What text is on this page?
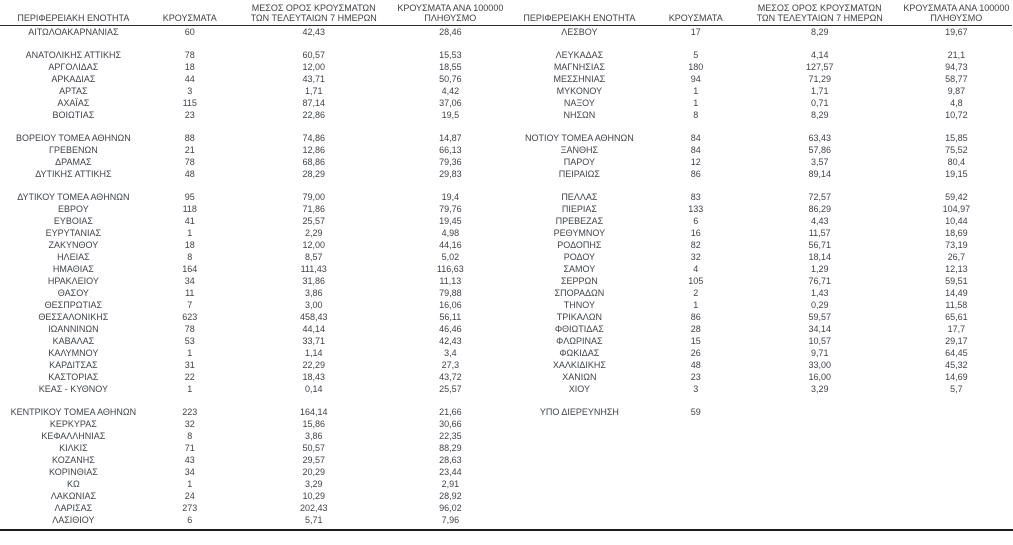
ΠΕΡΙΦΕΡΕΙΑΚΗ ΕΝΟΤΗΤΑ	ΚΡΟΥΣΜΑΤΑ	ΜΕΣΟΣ ΟΡΟΣ ΚΡΟΥΣΜΑΤΩΝ
ΤΩΝ ΤΕΛΕΥΤΑΙΩΝ 7 ΗΜΕΡΩΝ	ΚΡΟΥΣΜΑΤΑ ΑΝΑ 100000
ΠΛΗΘΥΣΜΟ

ΑΙΤΩΛΟΑΚΑΡΝΑΝΙΑΣ	60	42,43	28,46

ΑΝΑΤΟΛΙΚΗΣ ΑΤΤΙΚΗΣ	78	60,57	15,53
ΑΡΓΟΛΙΔΑΣ	18	12,00	18,55
ΑΡΚΑΔΙΑΣ	44	43,71	50,76
ΑΡΤΑΣ	3	1,71	4,42
ΑΧΑΪΑΣ	115	87,14	37,06
ΒΟΙΩΤΙΑΣ	23	22,86	19,5

ΒΟΡΕΙΟΥ ΤΟΜΕΑ ΑΘΗΝΩΝ	88	74,86	14,87
ΓΡΕΒΕΝΩΝ	21	12,86	66,13
ΔΡΑΜΑΣ	78	68,86	79,36
ΔΥΤΙΚΗΣ ΑΤΤΙΚΗΣ	48	28,29	29,83

ΔΥΤΙΚΟΥ ΤΟΜΕΑ ΑΘΗΝΩΝ	95	79,00	19,4
ΕΒΡΟΥ	118	71,86	79,76
ΕΥΒΟΙΑΣ	41	25,57	19,45
ΕΥΡΥΤΑΝΙΑΣ	1	2,29	4,98
ΖΑΚΥΝΘΟΥ	18	12,00	44,16
ΗΛΕΙΑΣ	8	8,57	5,02
ΗΜΑΘΙΑΣ	164	111,43	116,63
ΗΡΑΚΛΕΙΟΥ	34	31,86	11,13
ΘΑΣΟΥ	11	3,86	79,88
ΘΕΣΠΡΩΤΙΑΣ	7	3,00	16,06
ΘΕΣΣΑΛΟΝΙΚΗΣ	623	458,43	56,11
ΙΩΑΝΝΙΝΩΝ	78	44,14	46,46
ΚΑΒΑΛΑΣ	53	33,71	42,43
ΚΑΛΥΜΝΟΥ	1	1,14	3,4
ΚΑΡΔΙΤΣΑΣ	31	22,29	27,3
ΚΑΣΤΟΡΙΑΣ	22	18,43	43,72
ΚΕΑΣ - ΚΥΘΝΟΥ	1	0,14	25,57

ΚΕΝΤΡΙΚΟΥ ΤΟΜΕΑ ΑΘΗΝΩΝ	223	164,14	21,66
ΚΕΡΚΥΡΑΣ	32	15,86	30,66
ΚΕΦΑΛΛΗΝΙΑΣ	8	3,86	22,35
ΚΙΛΚΙΣ	71	50,57	88,29
ΚΟΖΑΝΗΣ	43	29,57	28,63
ΚΟΡΙΝΘΙΑΣ	34	20,29	23,44
ΚΩ	1	3,29	2,91
ΛΑΚΩΝΙΑΣ	24	10,29	28,92
ΛΑΡΙΣΑΣ	273	202,43	96,02
ΛΑΣΙΘΙΟΥ	6	5,71	7,96
ΠΕΡΙΦΕΡΕΙΑΚΗ ΕΝΟΤΗΤΑ	ΚΡΟΥΣΜΑΤΑ	ΜΕΣΟΣ ΟΡΟΣ ΚΡΟΥΣΜΑΤΩΝ
ΤΩΝ ΤΕΛΕΥΤΑΙΩΝ 7 ΗΜΕΡΩΝ	ΚΡΟΥΣΜΑΤΑ ΑΝΑ 100000
ΠΛΗΘΥΣΜΟ

ΛΕΣΒΟΥ	17	8,29	19,67

ΛΕΥΚΑΔΑΣ	5	4,14	21,1
ΜΑΓΝΗΣΙΑΣ	180	127,57	94,73
ΜΕΣΣΗΝΙΑΣ	94	71,29	58,77
ΜΥΚΟΝΟΥ	1	1,71	9,87
ΝΑΞΟΥ	1	0,71	4,8
ΝΗΣΩΝ	8	8,29	10,72

ΝΟΤΙΟΥ ΤΟΜΕΑ ΑΘΗΝΩΝ	84	63,43	15,85
ΞΑΝΘΗΣ	84	57,86	75,52
ΠΑΡΟΥ	12	3,57	80,4
ΠΕΙΡΑΙΩΣ	86	89,14	19,15

ΠΕΛΛΑΣ	83	72,57	59,42
ΠΙΕΡΙΑΣ	133	86,29	104,97
ΠΡΕΒΕΖΑΣ	6	4,43	10,44
ΡΕΘΥΜΝΟΥ	16	11,57	18,69
ΡΟΔΟΠΗΣ	82	56,71	73,19
ΡΟΔΟΥ	32	18,14	26,7
ΣΑΜΟΥ	4	1,29	12,13
ΣΕΡΡΩΝ	105	76,71	59,51
ΣΠΟΡΑΔΩΝ	2	1,43	14,49
ΤΗΝΟΥ	1	0,29	11,58
ΤΡΙΚΑΛΩΝ	86	59,57	65,61
ΦΘΙΩΤΙΔΑΣ	28	34,14	17,7
ΦΛΩΡΙΝΑΣ	15	10,57	29,17
ΦΩΚΙΔΑΣ	26	9,71	64,45
ΧΑΛΚΙΔΙΚΗΣ	48	33,00	45,32
ΧΑΝΙΩΝ	23	16,00	14,69
ΧΙΟΥ	3	3,29	5,7

ΥΠΟ ΔΙΕΡΕΥΝΗΣΗ	59		
